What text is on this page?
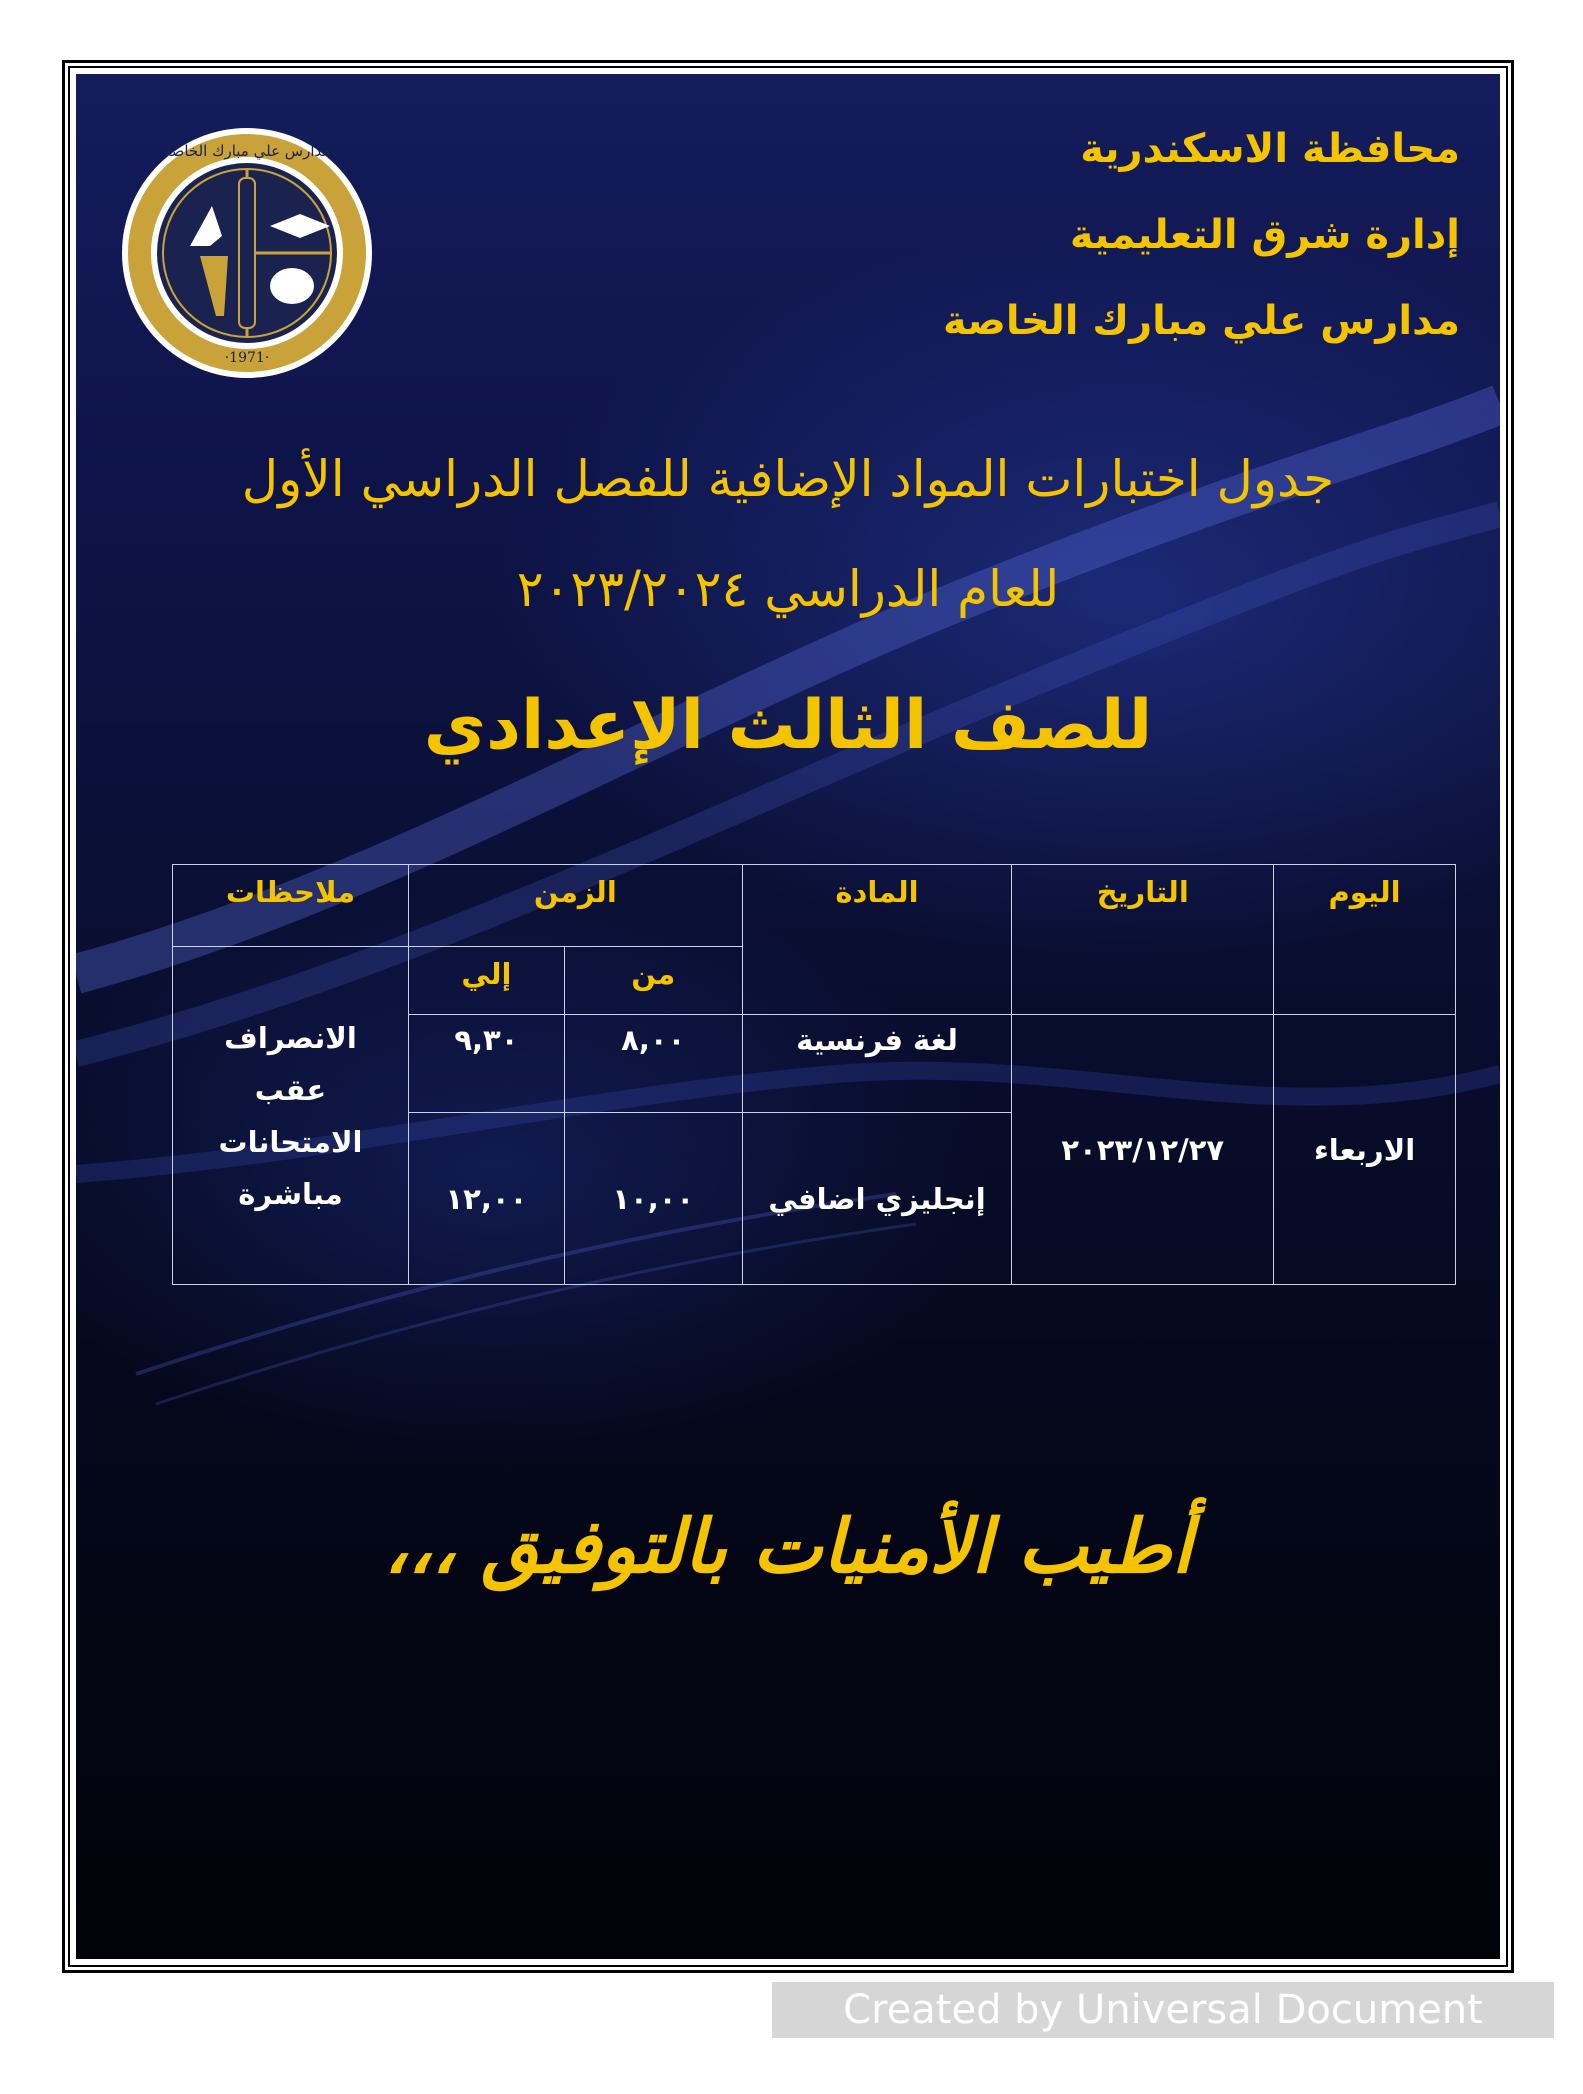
·1971·
مدارس علي مبارك الخاصة	محافظة الاسكندرية
إدارة شرق التعليمية
مدارس علي مبارك الخاصة
جدول اختبارات المواد الإضافية للفصل الدراسي الأول
للعام الدراسي ٢٠٢٣/٢٠٢٤
للصف الثالث الإعدادي
اليوم	التاريخ	المادة	الزمن		ملاحظات
			من	إلي	الانصراف عقب الامتحانات مباشرة
الاربعاء	٢٠٢٣/١٢/٢٧	لغة فرنسية	٨,٠٠	٩,٣٠	
		إنجليزي اضافي	١٠,٠٠	١٢,٠٠	
أطيب الأمنيات بالتوفيق ،،،
Created by Universal Document Converter
